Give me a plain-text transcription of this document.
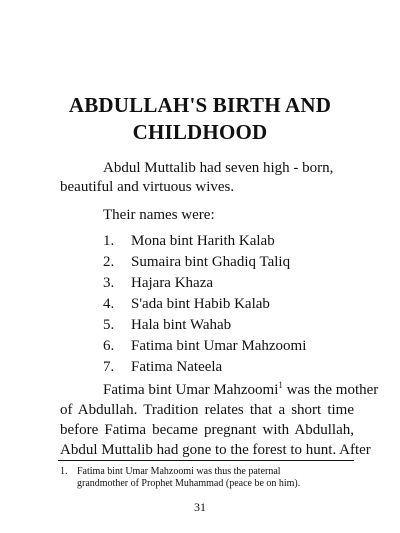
ABDULLAH'S BIRTH AND
CHILDHOOD
Abdul Muttalib had seven high - born,
beautiful and virtuous wives.
Their names were:
1.	Mona bint Harith Kalab
2.	Sumaira bint Ghadiq Taliq
3.	Hajara Khaza
4.	S'ada bint Habib Kalab
5.	Hala bint Wahab
6.	Fatima bint Umar Mahzoomi
7.	Fatima Nateela
Fatima bint Umar Mahzoomi$^1$ was the mother
of Abdullah. Tradition relates that a short time
before Fatima became pregnant with Abdullah,
Abdul Muttalib had gone to the forest to hunt. After
1. Fatima bint Umar Mahzoomi was thus the paternal
grandmother of Prophet Muhammad (peace be on him).
31
